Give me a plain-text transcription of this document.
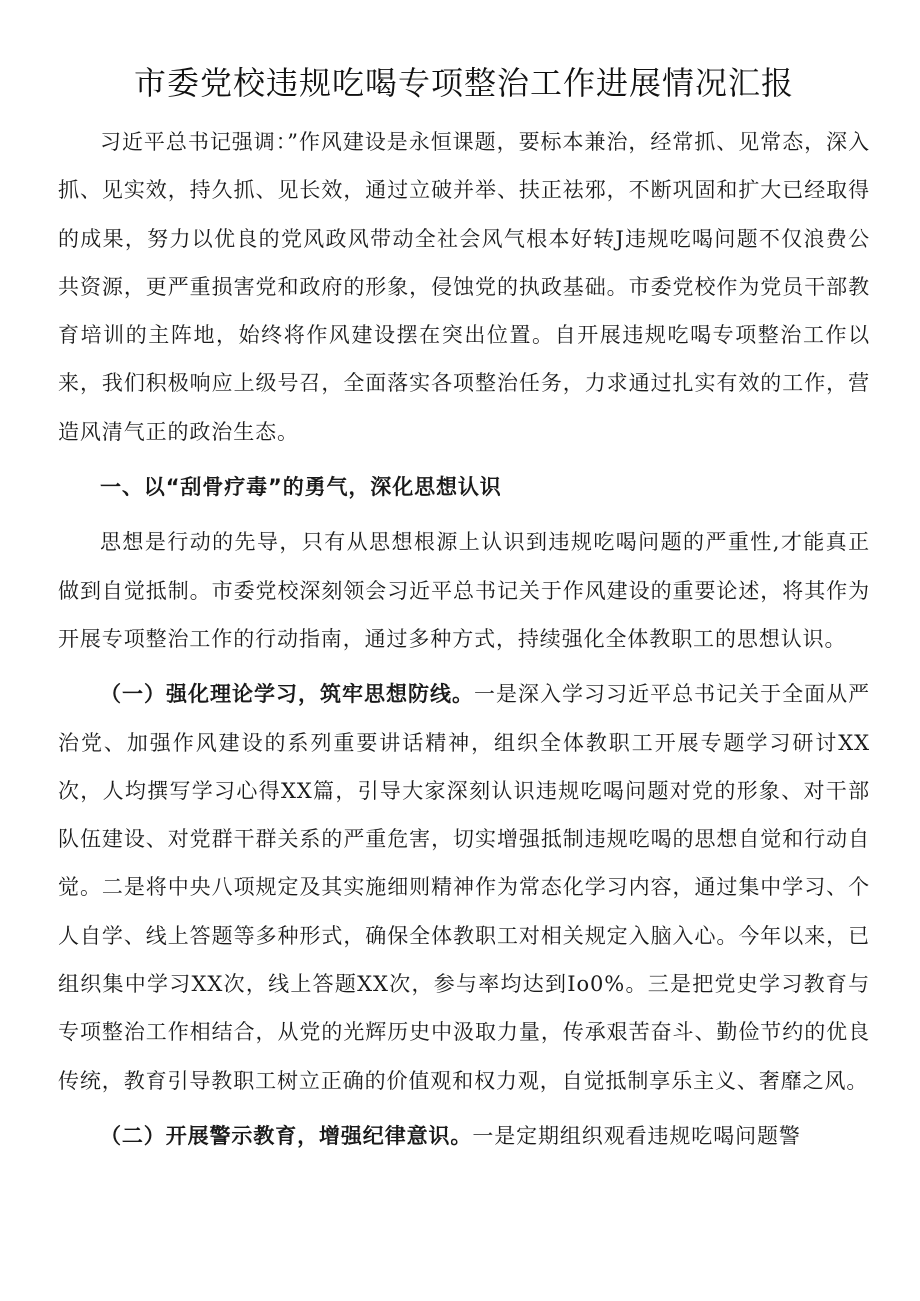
市委党校违规吃喝专项整治工作进展情况汇报

习近平总书记强调：”作风建设是永恒课题，要标本兼治，经常抓、见常态，深入抓、见实效，持久抓、见长效，通过立破并举、扶正祛邪，不断巩固和扩大已经取得的成果，努力以优良的党风政风带动全社会风气根本好转J违规吃喝问题不仅浪费公共资源，更严重损害党和政府的形象，侵蚀党的执政基础。市委党校作为党员干部教育培训的主阵地，始终将作风建设摆在突出位置。自开展违规吃喝专项整治工作以来，我们积极响应上级号召，全面落实各项整治任务，力求通过扎实有效的工作，营造风清气正的政治生态。

一、以“刮骨疗毒”的勇气，深化思想认识

思想是行动的先导，只有从思想根源上认识到违规吃喝问题的严重性,才能真正做到自觉抵制。市委党校深刻领会习近平总书记关于作风建设的重要论述，将其作为开展专项整治工作的行动指南，通过多种方式，持续强化全体教职工的思想认识。

（一）强化理论学习，筑牢思想防线。一是深入学习习近平总书记关于全面从严治党、加强作风建设的系列重要讲话精神，组织全体教职工开展专题学习研讨XX次，人均撰写学习心得XX篇，引导大家深刻认识违规吃喝问题对党的形象、对干部队伍建设、对党群干群关系的严重危害，切实增强抵制违规吃喝的思想自觉和行动自觉。二是将中央八项规定及其实施细则精神作为常态化学习内容，通过集中学习、个人自学、线上答题等多种形式，确保全体教职工对相关规定入脑入心。今年以来，已组织集中学习XX次，线上答题XX次，参与率均达到Io0%。三是把党史学习教育与专项整治工作相结合，从党的光辉历史中汲取力量，传承艰苦奋斗、勤俭节约的优良传统，教育引导教职工树立正确的价值观和权力观，自觉抵制享乐主义、奢靡之风。

（二）开展警示教育，增强纪律意识。一是定期组织观看违规吃喝问题警
